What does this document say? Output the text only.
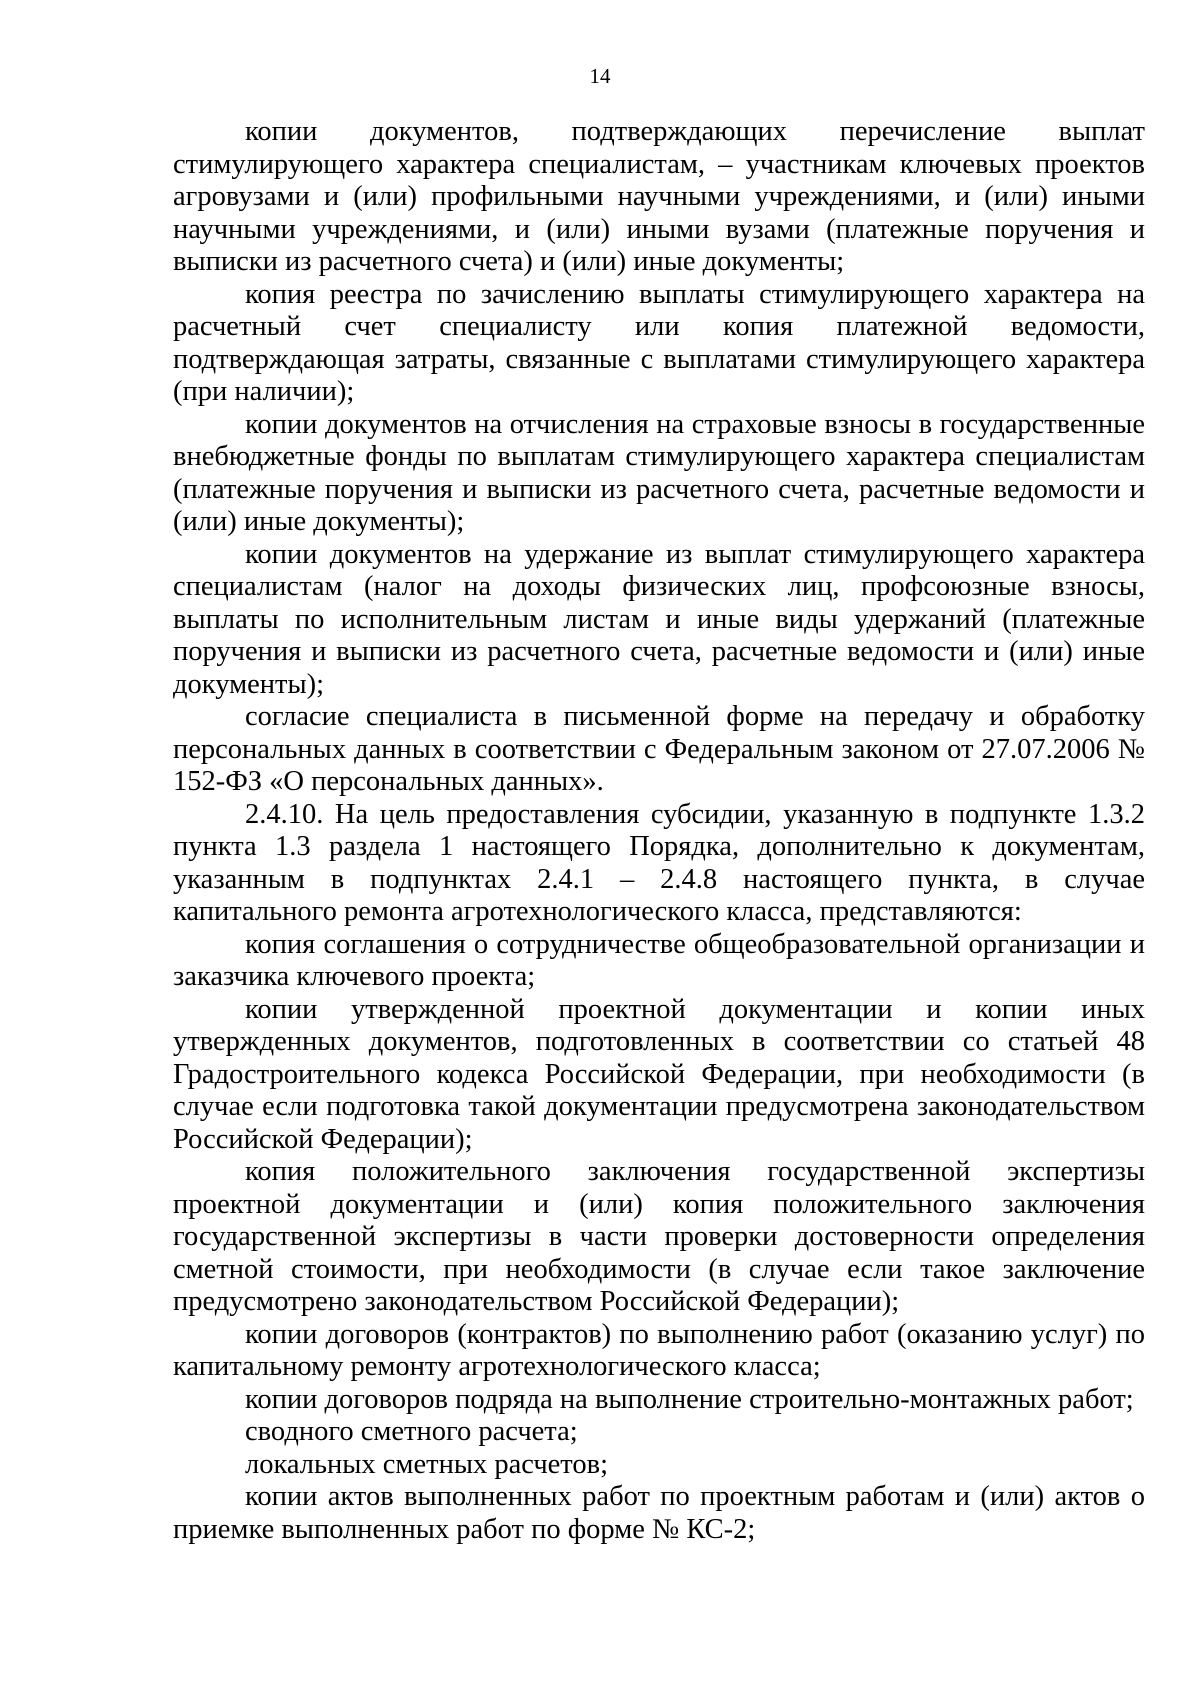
14

копии документов, подтверждающих перечисление выплат стимулирующего характера специалистам, – участникам ключевых проектов агровузами и (или) профильными научными учреждениями, и (или) иными научными учреждениями, и (или) иными вузами (платежные поручения и выписки из расчетного счета) и (или) иные документы;

копия реестра по зачислению выплаты стимулирующего характера на расчетный счет специалисту или копия платежной ведомости, подтверждающая затраты, связанные с выплатами стимулирующего характера (при наличии);

копии документов на отчисления на страховые взносы в государственные внебюджетные фонды по выплатам стимулирующего характера специалистам (платежные поручения и выписки из расчетного счета, расчетные ведомости и (или) иные документы);

копии документов на удержание из выплат стимулирующего характера специалистам (налог на доходы физических лиц, профсоюзные взносы, выплаты по исполнительным листам и иные виды удержаний (платежные поручения и выписки из расчетного счета, расчетные ведомости и (или) иные документы);

согласие специалиста в письменной форме на передачу и обработку персональных данных в соответствии с Федеральным законом от 27.07.2006 № 152-ФЗ «О персональных данных».

2.4.10. На цель предоставления субсидии, указанную в подпункте 1.3.2 пункта 1.3 раздела 1 настоящего Порядка, дополнительно к документам, указанным в подпунктах 2.4.1 – 2.4.8 настоящего пункта, в случае капитального ремонта агротехнологического класса, представляются:

копия соглашения о сотрудничестве общеобразовательной организации и заказчика ключевого проекта;

копии утвержденной проектной документации и копии иных утвержденных документов, подготовленных в соответствии со статьей 48 Градостроительного кодекса Российской Федерации, при необходимости (в случае если подготовка такой документации предусмотрена законодательством Российской Федерации);

копия положительного заключения государственной экспертизы проектной документации и (или) копия положительного заключения государственной экспертизы в части проверки достоверности определения сметной стоимости, при необходимости (в случае если такое заключение предусмотрено законодательством Российской Федерации);

копии договоров (контрактов) по выполнению работ (оказанию услуг) по капитальному ремонту агротехнологического класса;

копии договоров подряда на выполнение строительно-монтажных работ;

сводного сметного расчета;

локальных сметных расчетов;

копии актов выполненных работ по проектным работам и (или) актов о приемке выполненных работ по форме № КС-2;
